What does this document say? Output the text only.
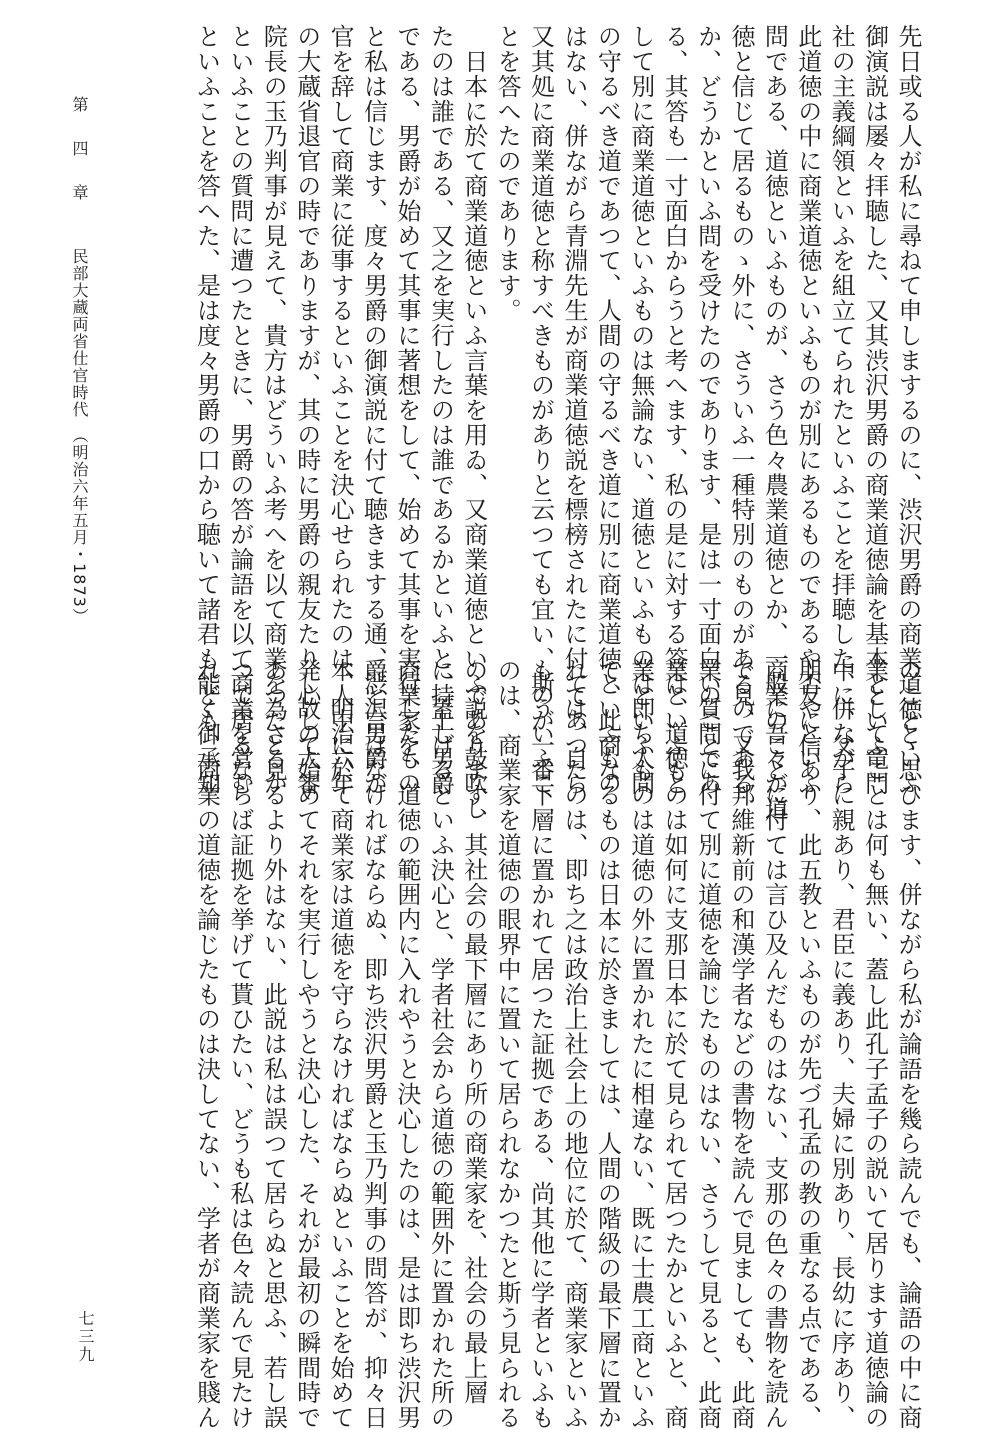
先日或る人が私に尋ねて申しまするのに、渋沢男爵の商業道徳といふ
御演説は屡々拝聴した、又其渋沢男爵の商業道徳論を基本として竜門
社の主義綱領といふを組立てられたといふことを拝聴した、併ながら
此道徳の中に商業道徳といふものが別にあるものであるや否やといふ
問である、道徳といふものが、さう色々農業道徳とか、一般に吾々が道
徳と信じて居るものゝ外に、さういふ一種特別のものがあるのである
か、どうかといふ問を受けたのであります、是は一寸面白い質問であ
る、其答も一寸面白からうと考へます、私の是に対する答は、道徳と
して別に商業道徳といふものは無論ない、道徳といふものは即ち人間
の守るべき道であつて、人間の守るべき道に別に商業道徳といふもの
はない、併ながら青淵先生が商業道徳説を標榜されたに付ては、自ら
又其処に商業道徳と称すべきものがありと云つても宜い、斯ういふこ
とを答へたのであります。
　日本に於て商業道徳といふ言葉を用ゐ、又商業道徳といふ説を鼓吹し
たのは誰である、又之を実行したのは誰であるかといふと、蓋し男爵
である、男爵が始めて其事に著想をして、始めて其事を実行したもの
と私は信じます、度々男爵の御演説に付て聴きまする通、渋沢男爵が
官を辞して商業に従事するといふことを決心せられたのは、明治六年
の大蔵省退官の時でありますが、其の時に男爵の親友たりし故の大審
院長の玉乃判事が見えて、貴方はどういふ考へを以て商業を為さるか
といふことの質問に遭つたときに、男爵の答が論語を以て商業を営む
といふことを答へた、是は度々男爵の口から聴いて諸君も能く御承知
のことゝ思ひます、併ながら私が論語を幾ら読んでも、論語の中に商
業といふことは何も無い、蓋し此孔子孟子の説いて居ります道徳論の
中に、父子に親あり、君臣に義あり、夫婦に別あり、長幼に序あり、
朋友に信あり、此五教といふものが先づ孔孟の教の重なる点である、
商業のことに付ては言ひ及んだものはない、支那の色々の書物を読ん
で見、又我邦維新前の和漢学者などの書物を読んで見ましても、此商
業のことに付て別に道徳を論じたものはない、さうして見ると、此商
業といふものは如何に支那日本に於て見られて居つたかといふと、商
業といふものは道徳の外に置かれたに相違ない、既に士農工商といふ
て、此商なるものは日本に於きましては、人間の階級の最下層に置か
れてあつたのは、即ち之は政治上社会上の地位に於て、商業家といふ
ものが一番下層に置かれて居つた証拠である、尚其他に学者といふも
のは、商業家を道徳の眼界中に置いて居られなかつたと斯う見られる
のであります、其社会の最下層にあり所の商業家を、社会の最上層
に持上げるといふ決心と、学者社会から道徳の範囲外に置かれた所の
商業家を、道徳の範囲内に入れやうと決心したのは、是は即ち渋沢男
爵と言はなければならぬ、即ち渋沢男爵と玉乃判事の問答が、抑々日
本人中に於て商業家は道徳を守らなければならぬといふことを始めて
発心して始めてそれを実行しやうと決心した、それが最初の瞬間時で
あつたと見るより外はない、此説は私は誤つて居らぬと思ふ、若し誤
つて居るならば証拠を挙げて貰ひたい、どうも私は色々読んで見たけ
れども、商業の道徳を論じたものは決してない、学者が商業家を賤ん
第　四　章 民部大蔵両省仕官時代　（明治六年五月・1873）
七三九
